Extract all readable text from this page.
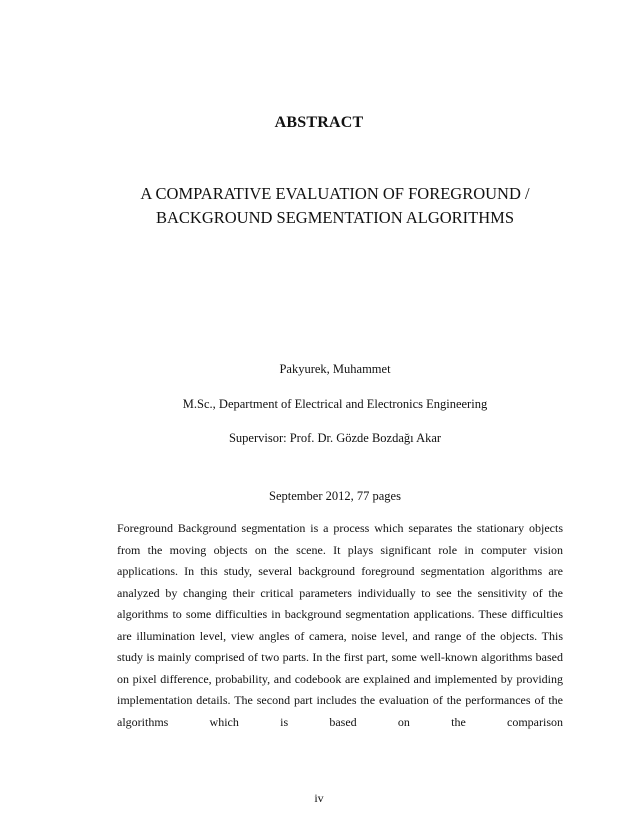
ABSTRACT
A COMPARATIVE EVALUATION OF FOREGROUND / BACKGROUND SEGMENTATION ALGORITHMS
Pakyurek, Muhammet
M.Sc., Department of Electrical and Electronics Engineering
Supervisor: Prof. Dr. Gözde Bozdağı Akar
September 2012, 77 pages

Foreground Background segmentation is a process which separates the stationary objects from the moving objects on the scene. It plays significant role in computer vision applications. In this study, several background foreground segmentation algorithms are analyzed by changing their critical parameters individually to see the sensitivity of the algorithms to some difficulties in background segmentation applications. These difficulties are illumination level, view angles of camera, noise level, and range of the objects. This study is mainly comprised of two parts. In the first part, some well-known algorithms based on pixel difference, probability, and codebook are explained and implemented by providing implementation details. The second part includes the evaluation of the performances of the algorithms which is based on the comparison

iv
